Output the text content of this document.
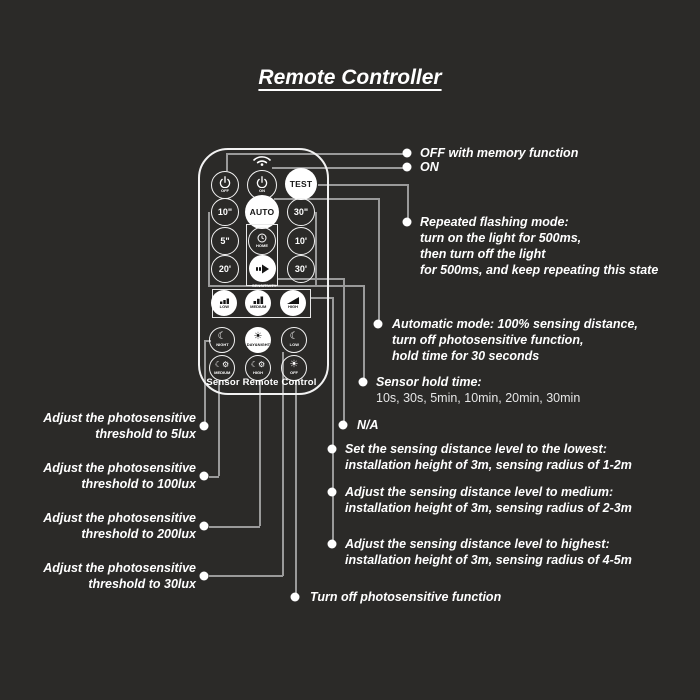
Remote Controller
OFF with memory function
ON
Repeated flashing mode:
turn on the light for 500ms,
then turn off the light
for 500ms, and keep repeating this state
Automatic mode: 100% sensing distance,
turn off photosensitive function,
hold time for 30 seconds
Sensor hold time:
10s, 30s, 5min, 10min, 20min, 30min
N/A
Set the sensing distance level to the lowest:
installation height of 3m, sensing radius of 1-2m
Adjust the sensing distance level to medium:
installation height of 3m, sensing radius of 2-3m
Adjust the sensing distance level to highest:
installation height of 3m, sensing radius of 4-5m
Turn off photosensitive function
Adjust the photosensitive
threshold to 5lux
Adjust the photosensitive
threshold to 100lux
Adjust the photosensitive
threshold to 200lux
Adjust the photosensitive
threshold to 30lux
OFF	ON
TEST
10" AUTO 30"
5"	HOME	10'
20'
SENSITIVITY
30'
LOW	MEDIUM	HIGH
☾
NIGHT
☀
DAY&NIGHT
☾
LOW
☾⚙
MEDIUM
☾⚙
HIGH
☀
OFF
Sensor Remote Control
